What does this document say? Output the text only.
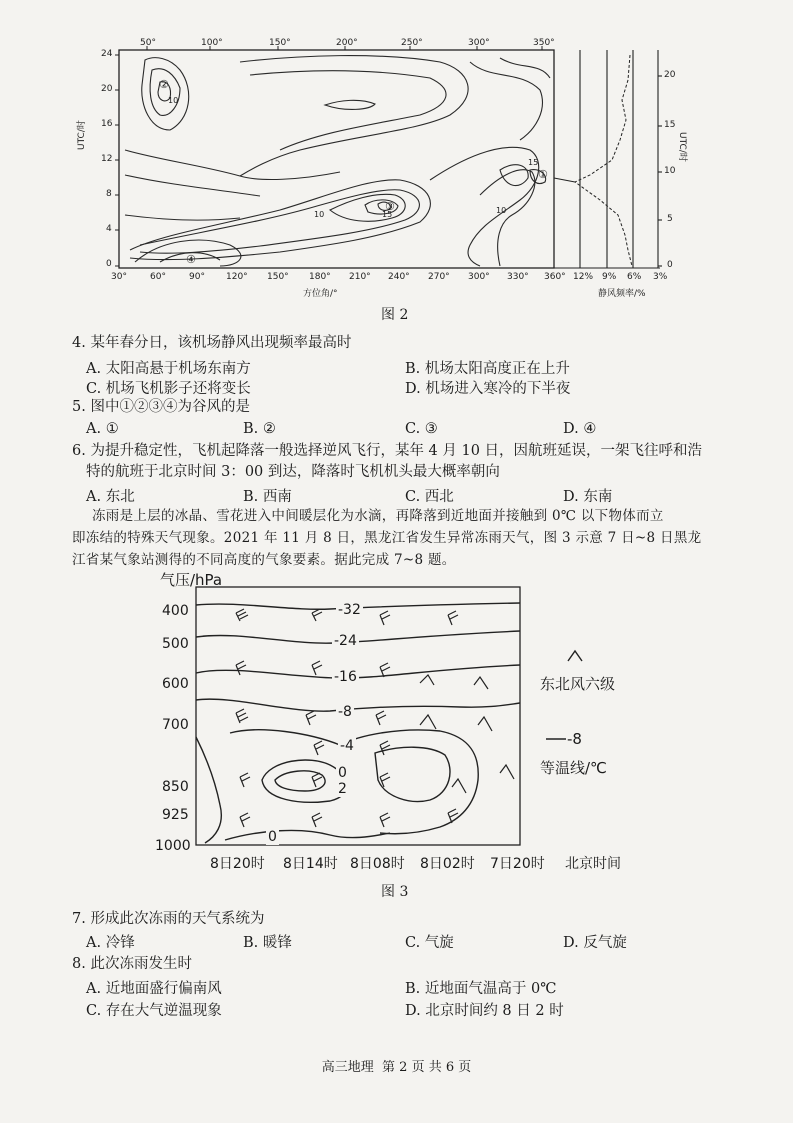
50°	100°	150°	200°	250°	300°	350°
24
20
16
12
8
4
0
UTC/时
30°	60°	90° 120° 150° 180° 210° 240° 270° 300° 330° 360°
方位角/°
12% 9% 6% 3%
静风频率/%
20
15
10
5
0
UTC/时
10	10
15
10
15
①
②
③
④
图 2
4. 某年春分日，该机场静风出现频率最高时
A. 太阳高悬于机场东南方	B. 机场太阳高度正在上升
C. 机场飞机影子还将变长	D. 机场进入寒冷的下半夜
5. 图中①②③④为谷风的是
A. ①	B. ②	C. ③	D. ④
6. 为提升稳定性，飞机起降落一般选择逆风飞行，某年 4 月 10 日，因航班延误，一架飞往呼和浩
特的航班于北京时间 3：00 到达，降落时飞机机头最大概率朝向
A. 东北	B. 西南	C. 西北	D. 东南
冻雨是上层的冰晶、雪花进入中间暖层化为水滴，再降落到近地面并接触到 0℃ 以下物体而立
即冻结的特殊天气现象。2021 年 11 月 8 日，黑龙江省发生异常冻雨天气，图 3 示意 7 日~8 日黑龙
江省某气象站测得的不同高度的气象要素。据此完成 7~8 题。
气压/hPa
400
500
600
700
850
925
1000
8日20时 8日14时 8日08时 8日02时 7日20时 北京时间
-32
-24
-16
-8
-4
0
2
0
东北风六级
-8
等温线/℃
图 3
7. 形成此次冻雨的天气系统为
A. 冷锋	B. 暖锋	C. 气旋	D. 反气旋
8. 此次冻雨发生时
A. 近地面盛行偏南风	B. 近地面气温高于 0℃
C. 存在大气逆温现象	D. 北京时间约 8 日 2 时
高三地理  第 2 页 共 6 页
